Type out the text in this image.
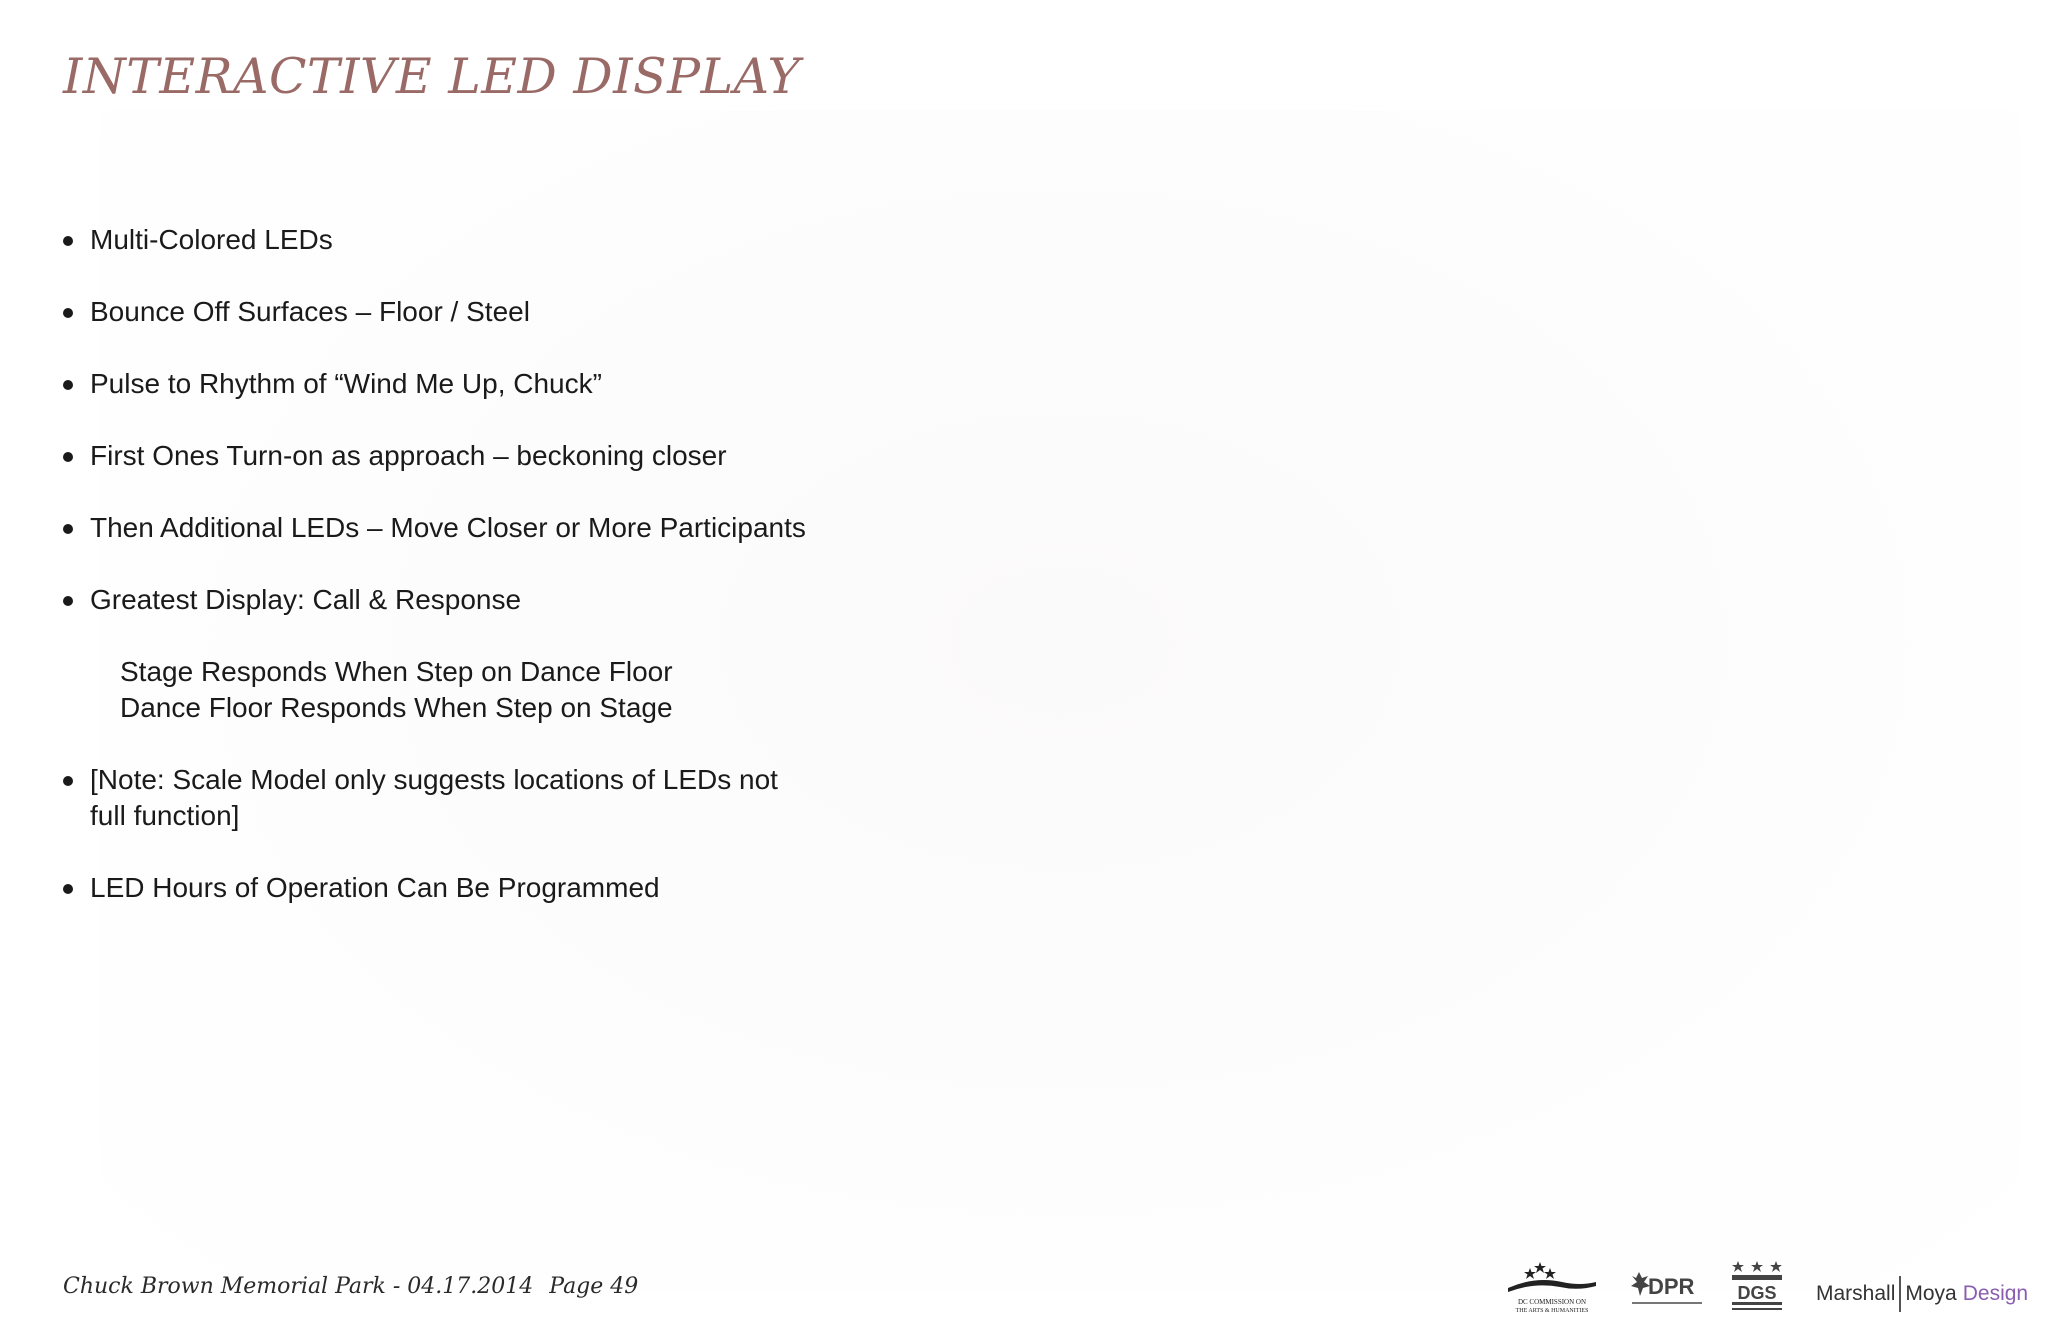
INTERACTIVE LED DISPLAY
Multi-Colored LEDs
Bounce Off Surfaces – Floor / Steel
Pulse to Rhythm of “Wind Me Up, Chuck”
First Ones Turn-on as approach – beckoning closer
Then Additional LEDs – Move Closer or More Participants
Greatest Display: Call & Response
Stage Responds When Step on Dance Floor
Dance Floor Responds When Step on Stage
[Note: Scale Model only suggests locations of LEDs not full function]
LED Hours of Operation Can Be Programmed
Chuck Brown Memorial Park - 04.17.2014 Page 49
DC COMMISSION ON
THE ARTS & HUMANITIES
DPR DGS Marshall Moya Design
